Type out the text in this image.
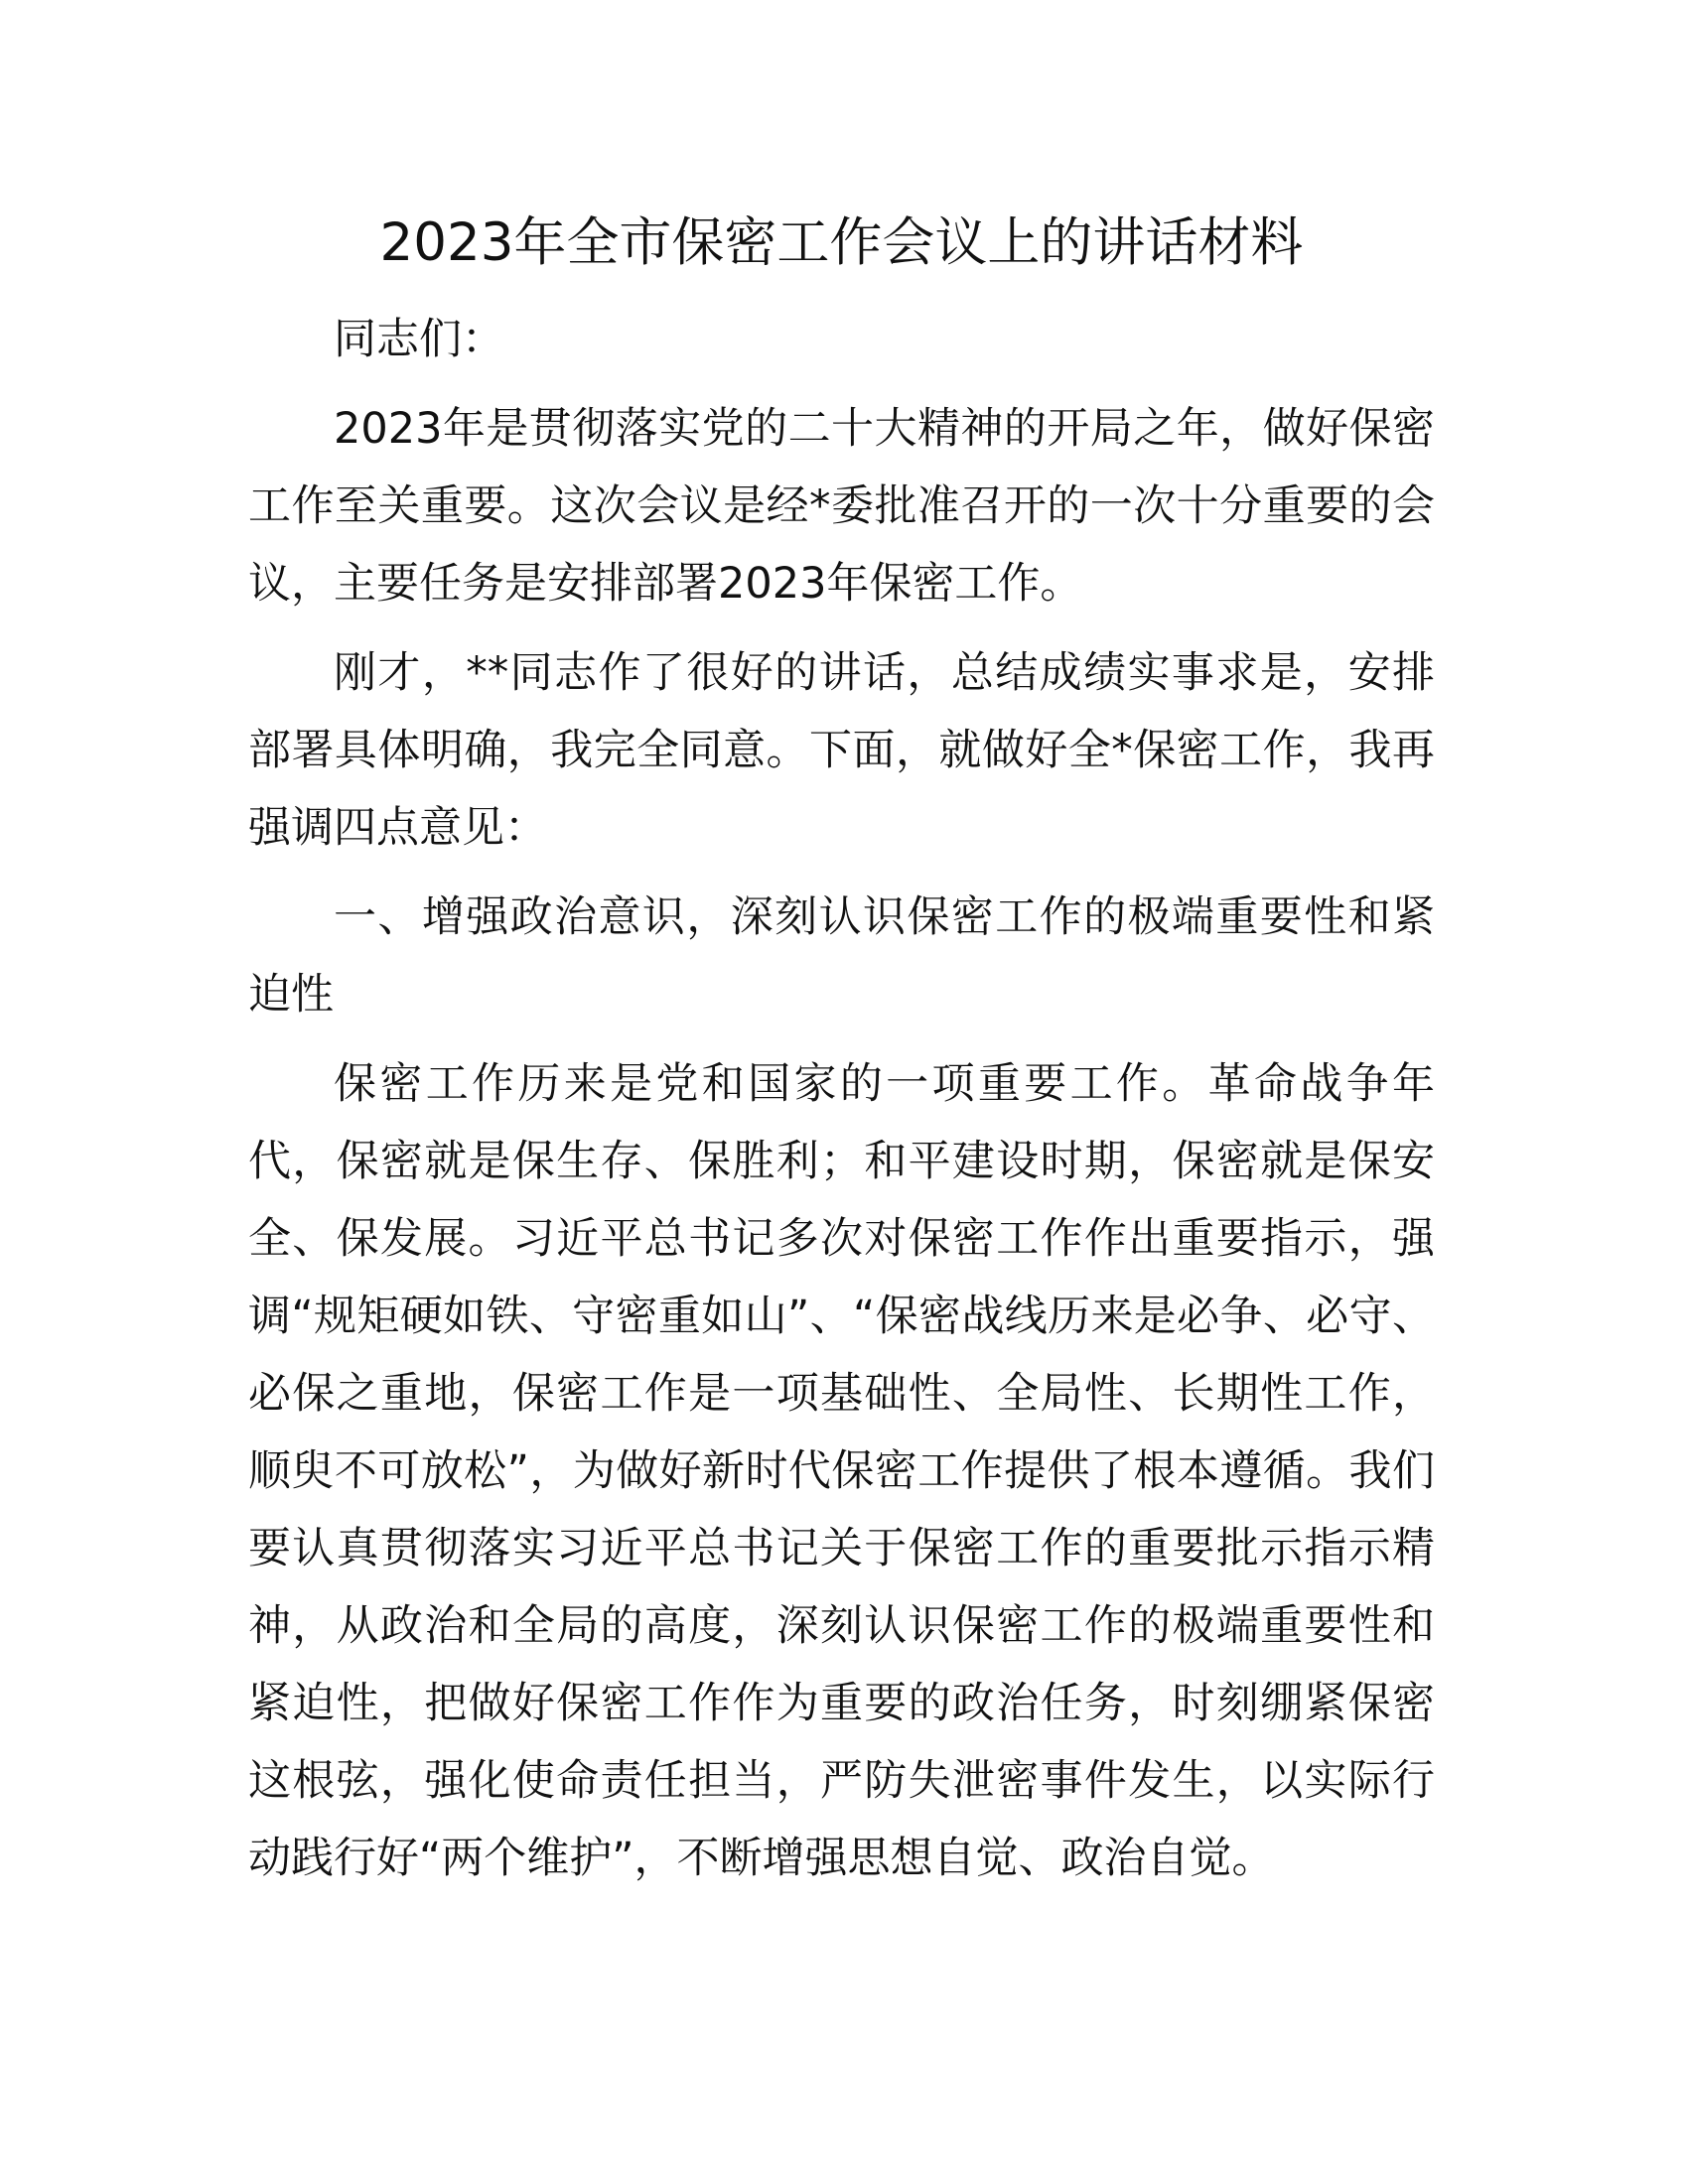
2023年全市保密工作会议上的讲话材料

同志们：

2023年是贯彻落实党的二十大精神的开局之年，做好保密工作至关重要。这次会议是经*委批准召开的一次十分重要的会议，主要任务是安排部署2023年保密工作。

刚才，**同志作了很好的讲话，总结成绩实事求是，安排部署具体明确，我完全同意。下面，就做好全*保密工作，我再强调四点意见：

一、增强政治意识，深刻认识保密工作的极端重要性和紧迫性

保密工作历来是党和国家的一项重要工作。革命战争年代，保密就是保生存、保胜利；和平建设时期，保密就是保安全、保发展。习近平总书记多次对保密工作作出重要指示，强调“规矩硬如铁、守密重如山”、“保密战线历来是必争、必守、必保之重地，保密工作是一项基础性、全局性、长期性工作，顺臾不可放松”，为做好新时代保密工作提供了根本遵循。我们要认真贯彻落实习近平总书记关于保密工作的重要批示指示精神，从政治和全局的高度，深刻认识保密工作的极端重要性和紧迫性，把做好保密工作作为重要的政治任务，时刻绷紧保密这根弦，强化使命责任担当，严防失泄密事件发生，以实际行动践行好“两个维护”，不断增强思想自觉、政治自觉。
